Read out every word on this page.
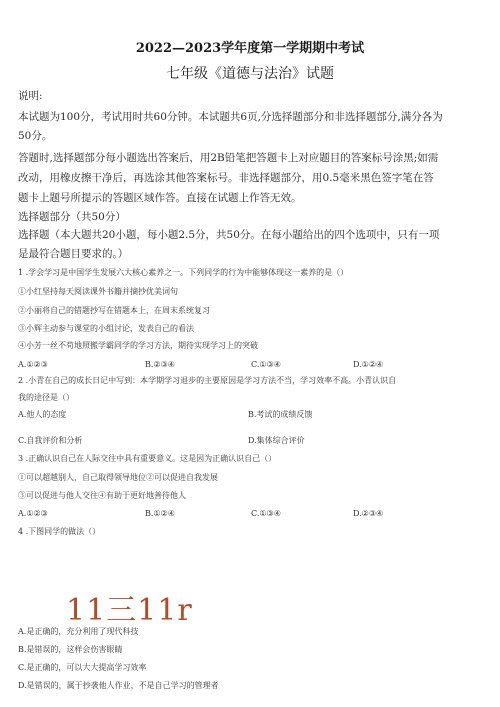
2022—2023学年度第一学期期中考试
七年级《道德与法治》试题
说明:
本试题为100分，考试用时共60分钟。本试题共6页,分选择题部分和非选择题部分,满分各为
50分。
答题时,选择题部分每小题选出答案后，用2B铅笔把答题卡上对应题目的答案标号涂黑;如需
改动，用橡皮擦干净后，再选涂其他答案标号。非选择题部分，用0.5毫米黑色签字笔在答
题卡上题号所提示的答题区域作答。直接在试题上作答无效。
选择题部分（共50分）
选择题（本大题共20小题，每小题2.5分，共50分。在每小题给出的四个选项中，只有一项
是最符合题目要求的。）
1 .学会学习是中国学生发展六大核心素养之一。下列同学的行为中能够体现这一素养的是（）
①小红坚持每天阅读课外书籍并摘抄优美词句
②小丽将自己的错题抄写在错题本上，在周末系统复习
③小辉主动参与课堂的小组讨论，发表自己的看法
④小芳一丝不苟地照搬学霸同学的学习方法，期待实现学习上的突破
A.①②③	B.②③④	C.①③④	D.①②④
2 .小青在自己的成长日记中写到：本学期学习退步的主要原因是学习方法不当，学习效率不高。小青认识自
我的途径是（）
A.他人的态度	B.考试的成绩反馈
C.自我评价和分析	D.集体综合评价
3 .正确认识自己在人际交往中具有重要意义。这是因为正确认识自己（）
①可以超越别人，自己取得领导地位②可以促进自我发展
③可以促进与他人交往④有助于更好地善待他人
A.①②③	B.①②④	C.①③④	D.②③④
4 .下图同学的做法（）
11三11r
A.是正确的，充分利用了现代科技
B.是错误的，这样会伤害眼睛
C.是正确的，可以大大提高学习效率
D.是错误的，属于抄袭他人作业，不是自己学习的管理者
